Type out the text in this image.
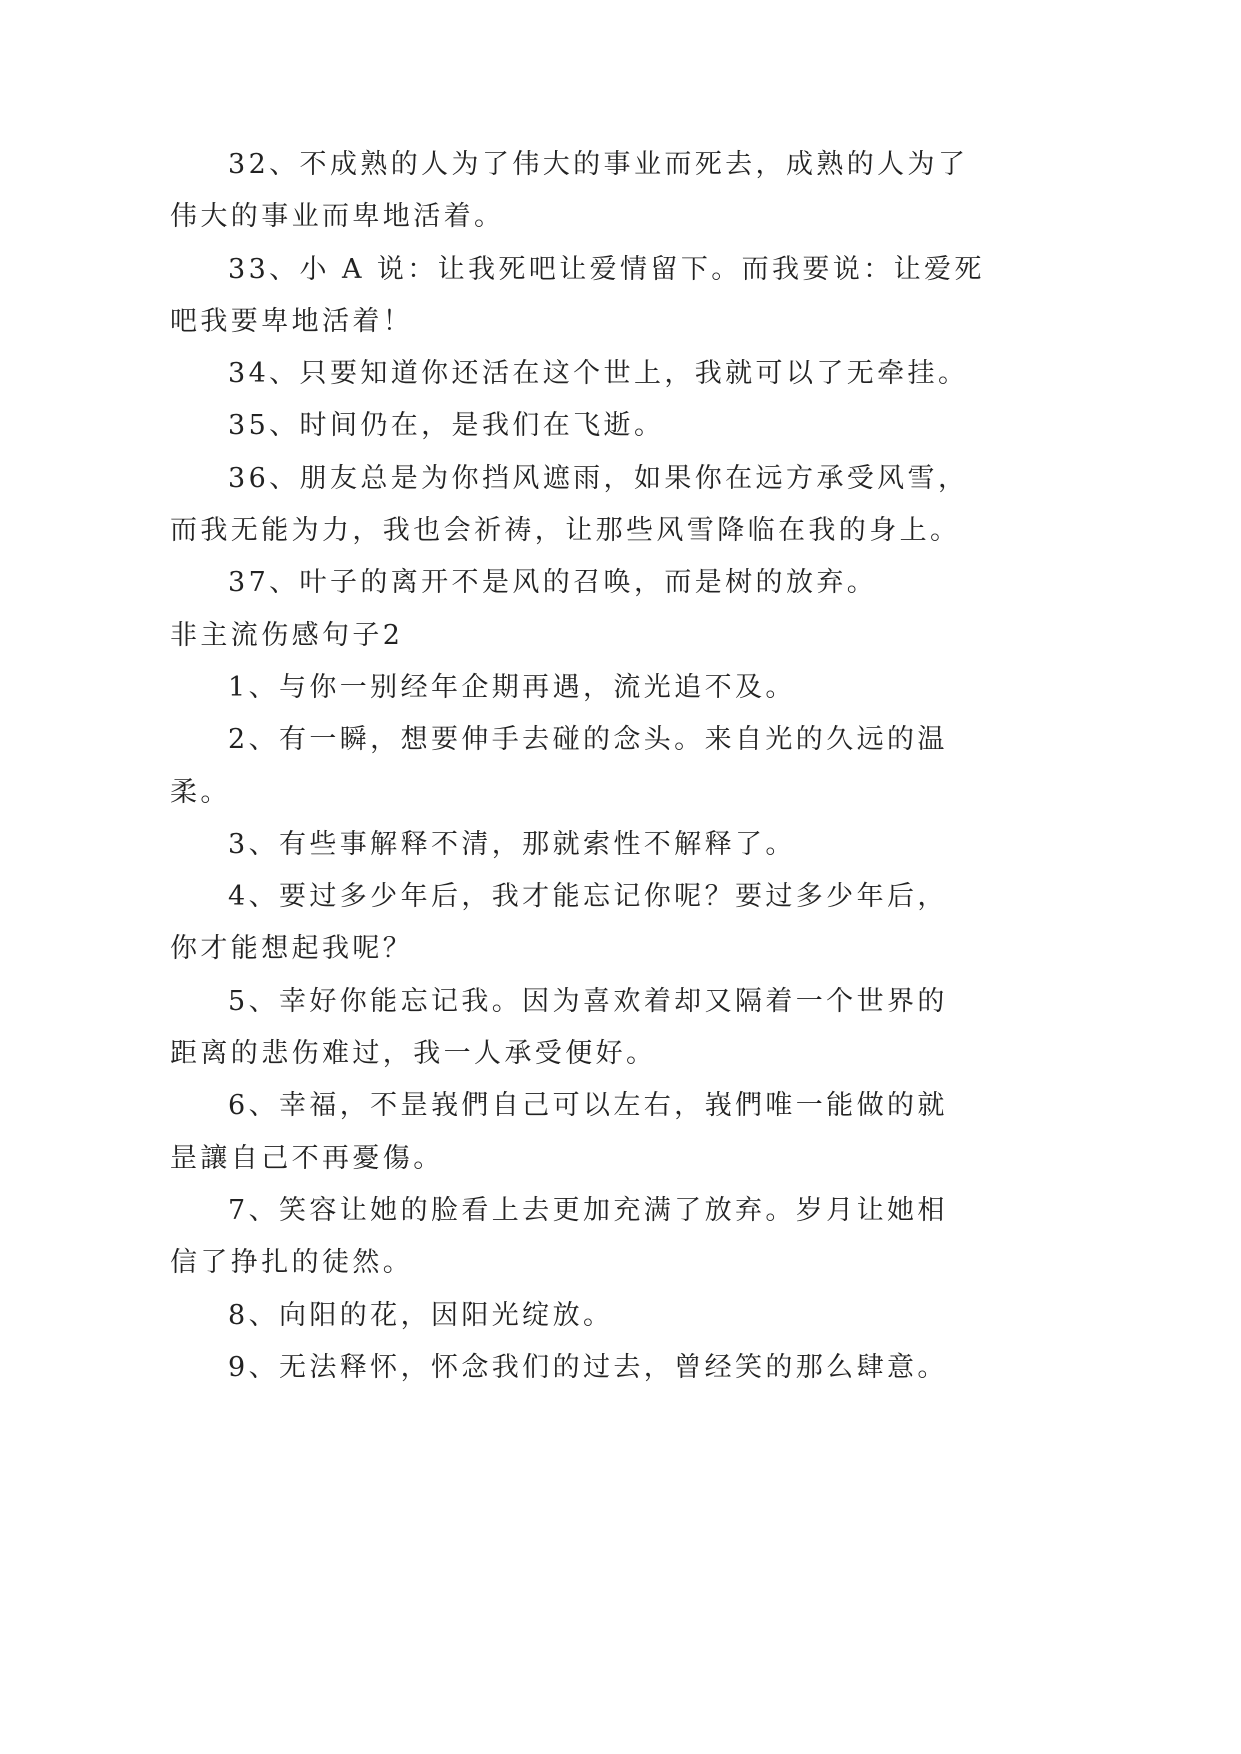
32、不成熟的人为了伟大的事业而死去，成熟的人为了
伟大的事业而卑地活着。
33、小 A 说：让我死吧让爱情留下。而我要说：让爱死
吧我要卑地活着！
34、只要知道你还活在这个世上，我就可以了无牵挂。
35、时间仍在，是我们在飞逝。
36、朋友总是为你挡风遮雨，如果你在远方承受风雪，
而我无能为力，我也会祈祷，让那些风雪降临在我的身上。
37、叶子的离开不是风的召唤，而是树的放弃。
非主流伤感句子2
1、与你一别经年企期再遇，流光追不及。
2、有一瞬，想要伸手去碰的念头。来自光的久远的温
柔。
3、有些事解释不清，那就索性不解释了。
4、要过多少年后，我才能忘记你呢？要过多少年后，
你才能想起我呢？
5、幸好你能忘记我。因为喜欢着却又隔着一个世界的
距离的悲伤难过，我一人承受便好。
6、幸福，不昰峩們自己可以左右，峩們唯一能做的就
昰讓自己不再憂傷。
7、笑容让她的脸看上去更加充满了放弃。岁月让她相
信了挣扎的徒然。
8、向阳的花，因阳光绽放。
9、无法释怀，怀念我们的过去，曾经笑的那么肆意。
